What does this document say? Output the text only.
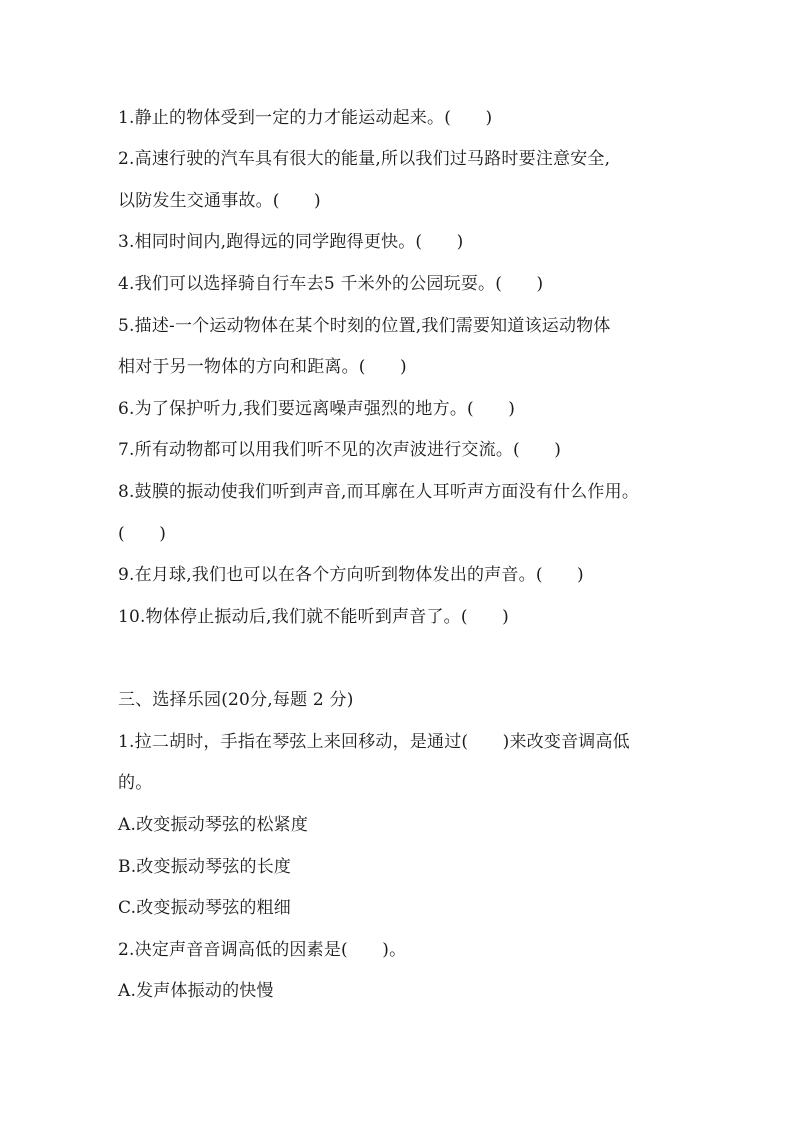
1.静止的物体受到一定的力才能运动起来。(　　)
2.高速行驶的汽车具有很大的能量,所以我们过马路时要注意安全,
以防发生交通事故。(　　)
3.相同时间内,跑得远的同学跑得更快。(　　)
4.我们可以选择骑自行车去5 千米外的公园玩耍。(　　)
5.描述-一个运动物体在某个时刻的位置,我们需要知道该运动物体
相对于另一物体的方向和距离。(　　)
6.为了保护听力,我们要远离噪声强烈的地方。(　　)
7.所有动物都可以用我们听不见的次声波进行交流。(　　)
8.鼓膜的振动使我们听到声音,而耳廓在人耳听声方面没有什么作用。
(　　)
9.在月球,我们也可以在各个方向听到物体发出的声音。(　　)
10.物体停止振动后,我们就不能听到声音了。(　　)
三、选择乐园(20分,每题 2 分)
1.拉二胡时，手指在琴弦上来回移动，是通过(　　)来改变音调高低
的。
A.改变振动琴弦的松紧度
B.改变振动琴弦的长度
C.改变振动琴弦的粗细
2.决定声音音调高低的因素是(　　)。
A.发声体振动的快慢
